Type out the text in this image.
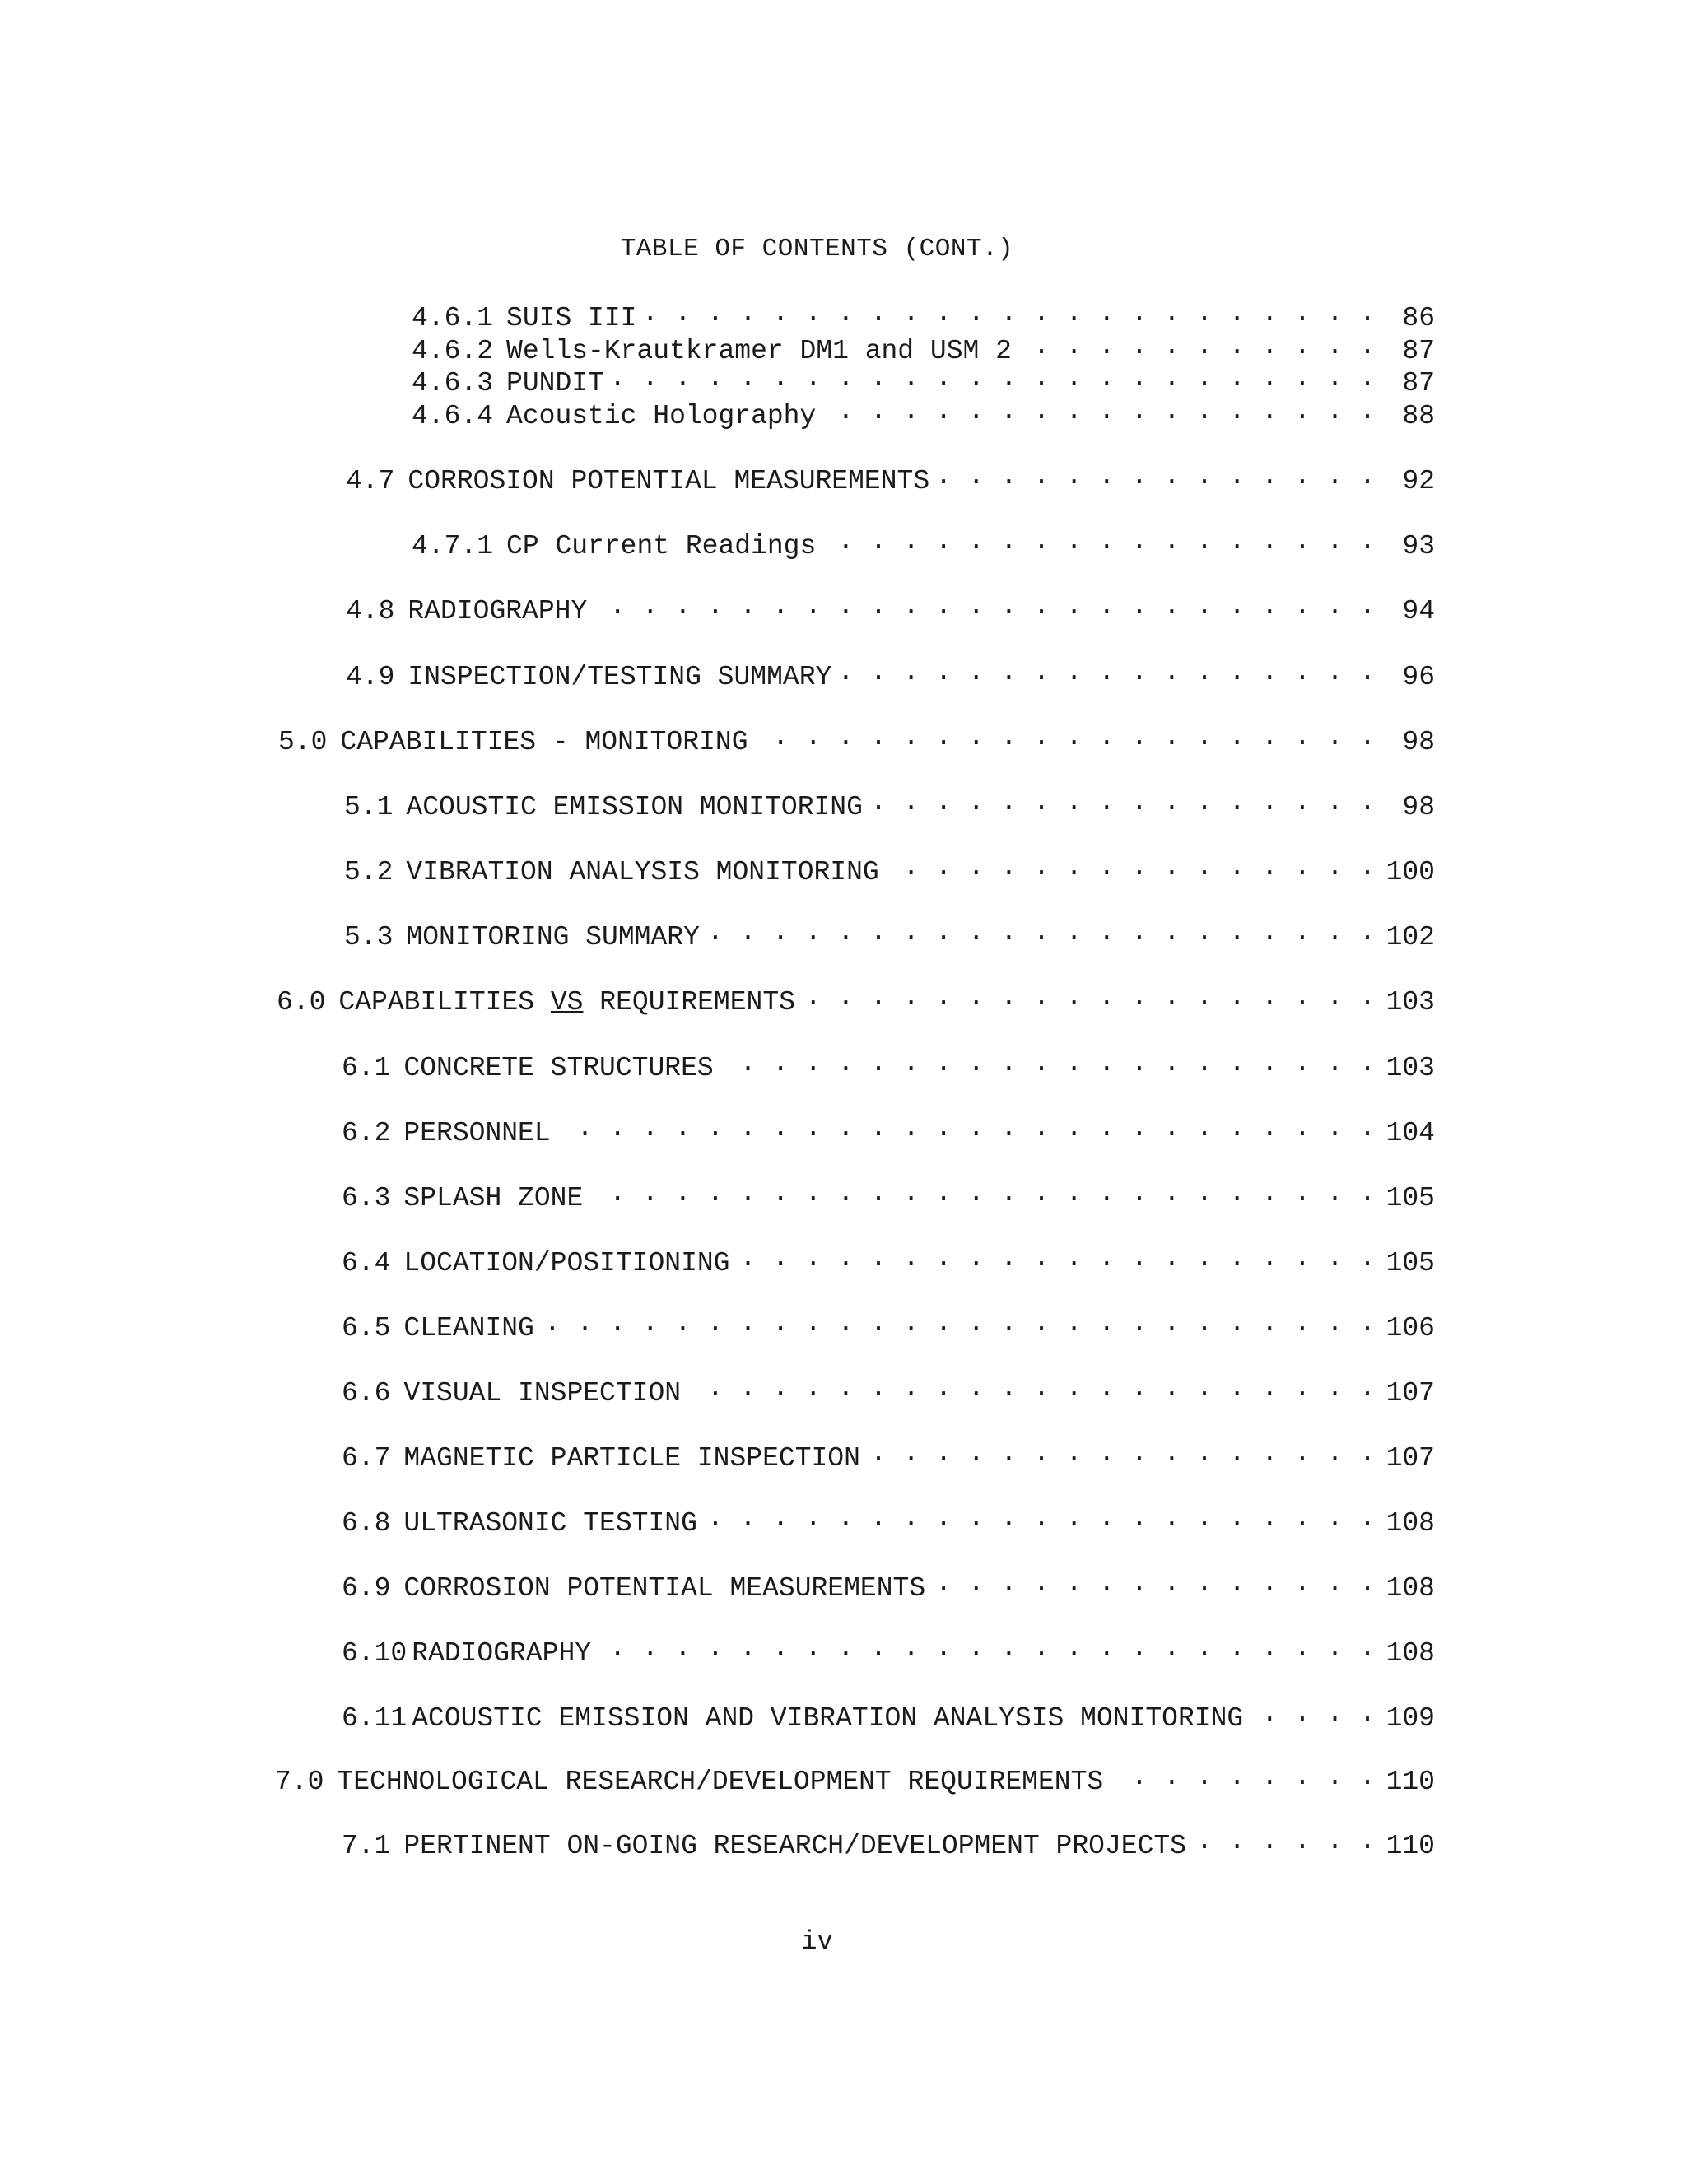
TABLE OF CONTENTS (CONT.)
4.6.1 SUIS III . . .	86
4.6.2 Wells-Krautkramer DM1 and USM 2 . . .	87
4.6.3 PUNDIT . . .	87
4.6.4 Acoustic Holography . . .	88
4.7 CORROSION POTENTIAL MEASUREMENTS . . .	92
4.7.1 CP Current Readings . . .	93
4.8 RADIOGRAPHY . . .	94
4.9 INSPECTION/TESTING SUMMARY . . .	96
5.0 CAPABILITIES - MONITORING . . .	98
5.1 ACOUSTIC EMISSION MONITORING . . .	98
5.2 VIBRATION ANALYSIS MONITORING . . .	100
5.3 MONITORING SUMMARY . . .	102
6.0 CAPABILITIES VS REQUIREMENTS . . .	103
6.1 CONCRETE STRUCTURES . . .	103
6.2 PERSONNEL . . .	104
6.3 SPLASH ZONE . . .	105
6.4 LOCATION/POSITIONING . . .	105
6.5 CLEANING . . .	106
6.6 VISUAL INSPECTION . . .	107
6.7 MAGNETIC PARTICLE INSPECTION . . .	107
6.8 ULTRASONIC TESTING . . .	108
6.9 CORROSION POTENTIAL MEASUREMENTS . . .	108
6.10 RADIOGRAPHY . . .	108
6.11 ACOUSTIC EMISSION AND VIBRATION ANALYSIS MONITORING . . .	109
7.0 TECHNOLOGICAL RESEARCH/DEVELOPMENT REQUIREMENTS . . .	110
7.1 PERTINENT ON-GOING RESEARCH/DEVELOPMENT PROJECTS . . .	110
iv
